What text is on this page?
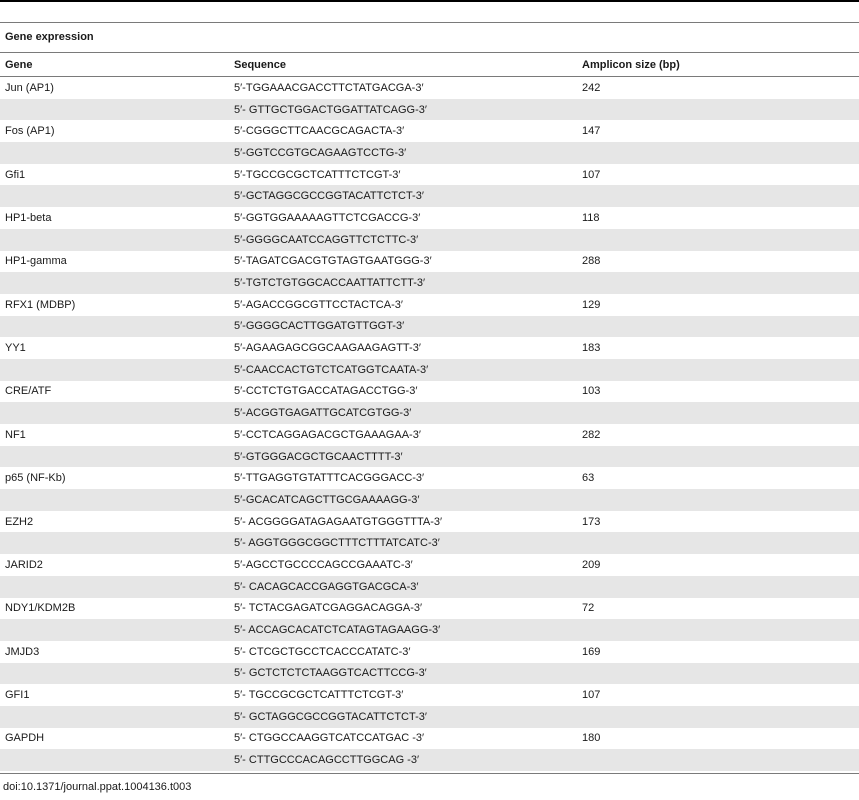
Gene expression
Gene	Sequence	Amplicon size (bp)
Jun (AP1)	5′-TGGAAACGACCTTCTATGACGA-3′	242
	5′- GTTGCTGGACTGGATTATCAGG-3′	
Fos (AP1)	5′-CGGGCTTCAACGCAGACTA-3′	147
	5′-GGTCCGTGCAGAAGTCCTG-3′	
Gfi1	5′-TGCCGCGCTCATTTCTCGT-3′	107
	5′-GCTAGGCGCCGGTACATTCTCT-3′	
HP1-beta	5′-GGTGGAAAAAGTTCTCGACCG-3′	118
	5′-GGGGCAATCCAGGTTCTCTTC-3′	
HP1-gamma	5′-TAGATCGACGTGTAGTGAATGGG-3′	288
	5′-TGTCTGTGGCACCAATTATTCTT-3′	
RFX1 (MDBP)	5′-AGACCGGCGTTCCTACTCA-3′	129
	5′-GGGGCACTTGGATGTTGGT-3′	
YY1	5′-AGAAGAGCGGCAAGAAGAGTT-3′	183
	5′-CAACCACTGTCTCATGGTCAATA-3′	
CRE/ATF	5′-CCTCTGTGACCATAGACCTGG-3′	103
	5′-ACGGTGAGATTGCATCGTGG-3′	
NF1	5′-CCTCAGGAGACGCTGAAAGAA-3′	282
	5′-GTGGGACGCTGCAACTTTT-3′	
p65 (NF-Kb)	5′-TTGAGGTGTATTTCACGGGACC-3′	63
	5′-GCACATCAGCTTGCGAAAAGG-3′	
EZH2	5′- ACGGGGATAGAGAATGTGGGTTTA-3′	173
	5′- AGGTGGGCGGCTTTCTTTATCATC-3′	
JARID2	5′-AGCCTGCCCCAGCCGAAATC-3′	209
	5′- CACAGCACCGAGGTGACGCA-3′	
NDY1/KDM2B	5′- TCTACGAGATCGAGGACAGGA-3′	72
	5′- ACCAGCACATCTCATAGTAGAAGG-3′	
JMJD3	5′- CTCGCTGCCTCACCCATATC-3′	169
	5′- GCTCTCTCTAAGGTCACTTCCG-3′	
GFI1	5′- TGCCGCGCTCATTTCTCGT-3′	107
	5′- GCTAGGCGCCGGTACATTCTCT-3′	
GAPDH	5′- CTGGCCAAGGTCATCCATGAC -3′	180
	5′- CTTGCCCACAGCCTTGGCAG -3′	
doi:10.1371/journal.ppat.1004136.t003
